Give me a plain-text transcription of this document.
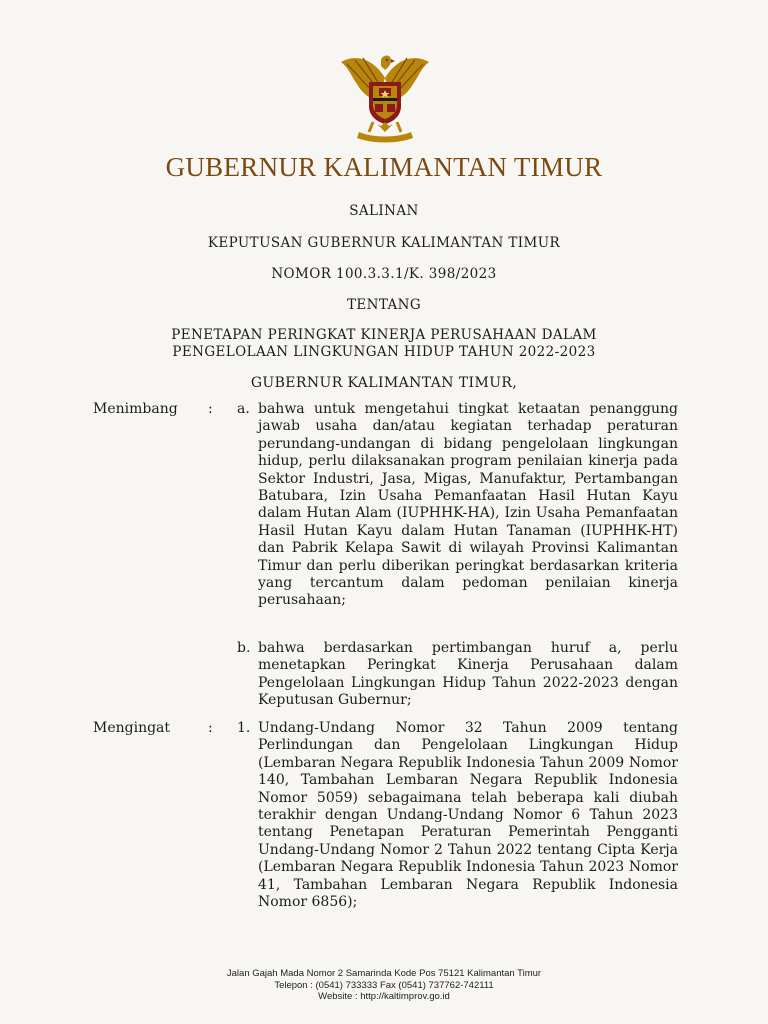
GUBERNUR KALIMANTAN TIMUR
SALINAN
KEPUTUSAN GUBERNUR KALIMANTAN TIMUR
NOMOR 100.3.3.1/K. 398/2023
TENTANG
PENETAPAN PERINGKAT KINERJA PERUSAHAAN DALAM
PENGELOLAAN LINGKUNGAN HIDUP TAHUN 2022-2023
GUBERNUR KALIMANTAN TIMUR,
Menimbang : a. bahwa untuk mengetahui tingkat ketaatan penanggung jawab usaha dan/atau kegiatan terhadap peraturan perundang-undangan di bidang pengelolaan lingkungan hidup, perlu dilaksanakan program penilaian kinerja pada Sektor Industri, Jasa, Migas, Manufaktur, Pertambangan Batubara, Izin Usaha Pemanfaatan Hasil Hutan Kayu dalam Hutan Alam (IUPHHK-HA), Izin Usaha Pemanfaatan Hasil Hutan Kayu dalam Hutan Tanaman (IUPHHK-HT) dan Pabrik Kelapa Sawit di wilayah Provinsi Kalimantan Timur dan perlu diberikan peringkat berdasarkan kriteria yang tercantum dalam pedoman penilaian kinerja perusahaan;
b. bahwa berdasarkan pertimbangan huruf a, perlu menetapkan Peringkat Kinerja Perusahaan dalam Pengelolaan Lingkungan Hidup Tahun 2022-2023 dengan Keputusan Gubernur;
Mengingat	: 1. Undang-Undang Nomor 32 Tahun 2009 tentang Perlindungan dan Pengelolaan Lingkungan Hidup (Lembaran Negara Republik Indonesia Tahun 2009 Nomor 140, Tambahan Lembaran Negara Republik Indonesia Nomor 5059) sebagaimana telah beberapa kali diubah terakhir dengan Undang-Undang Nomor 6 Tahun 2023 tentang Penetapan Peraturan Pemerintah Pengganti Undang-Undang Nomor 2 Tahun 2022 tentang Cipta Kerja (Lembaran Negara Republik Indonesia Tahun 2023 Nomor 41, Tambahan Lembaran Negara Republik Indonesia Nomor 6856);
Jalan Gajah Mada Nomor 2 Samarinda Kode Pos 75121 Kalimantan Timur
Telepon : (0541) 733333 Fax (0541) 737762-742111
Website : http://kaltimprov.go.id
